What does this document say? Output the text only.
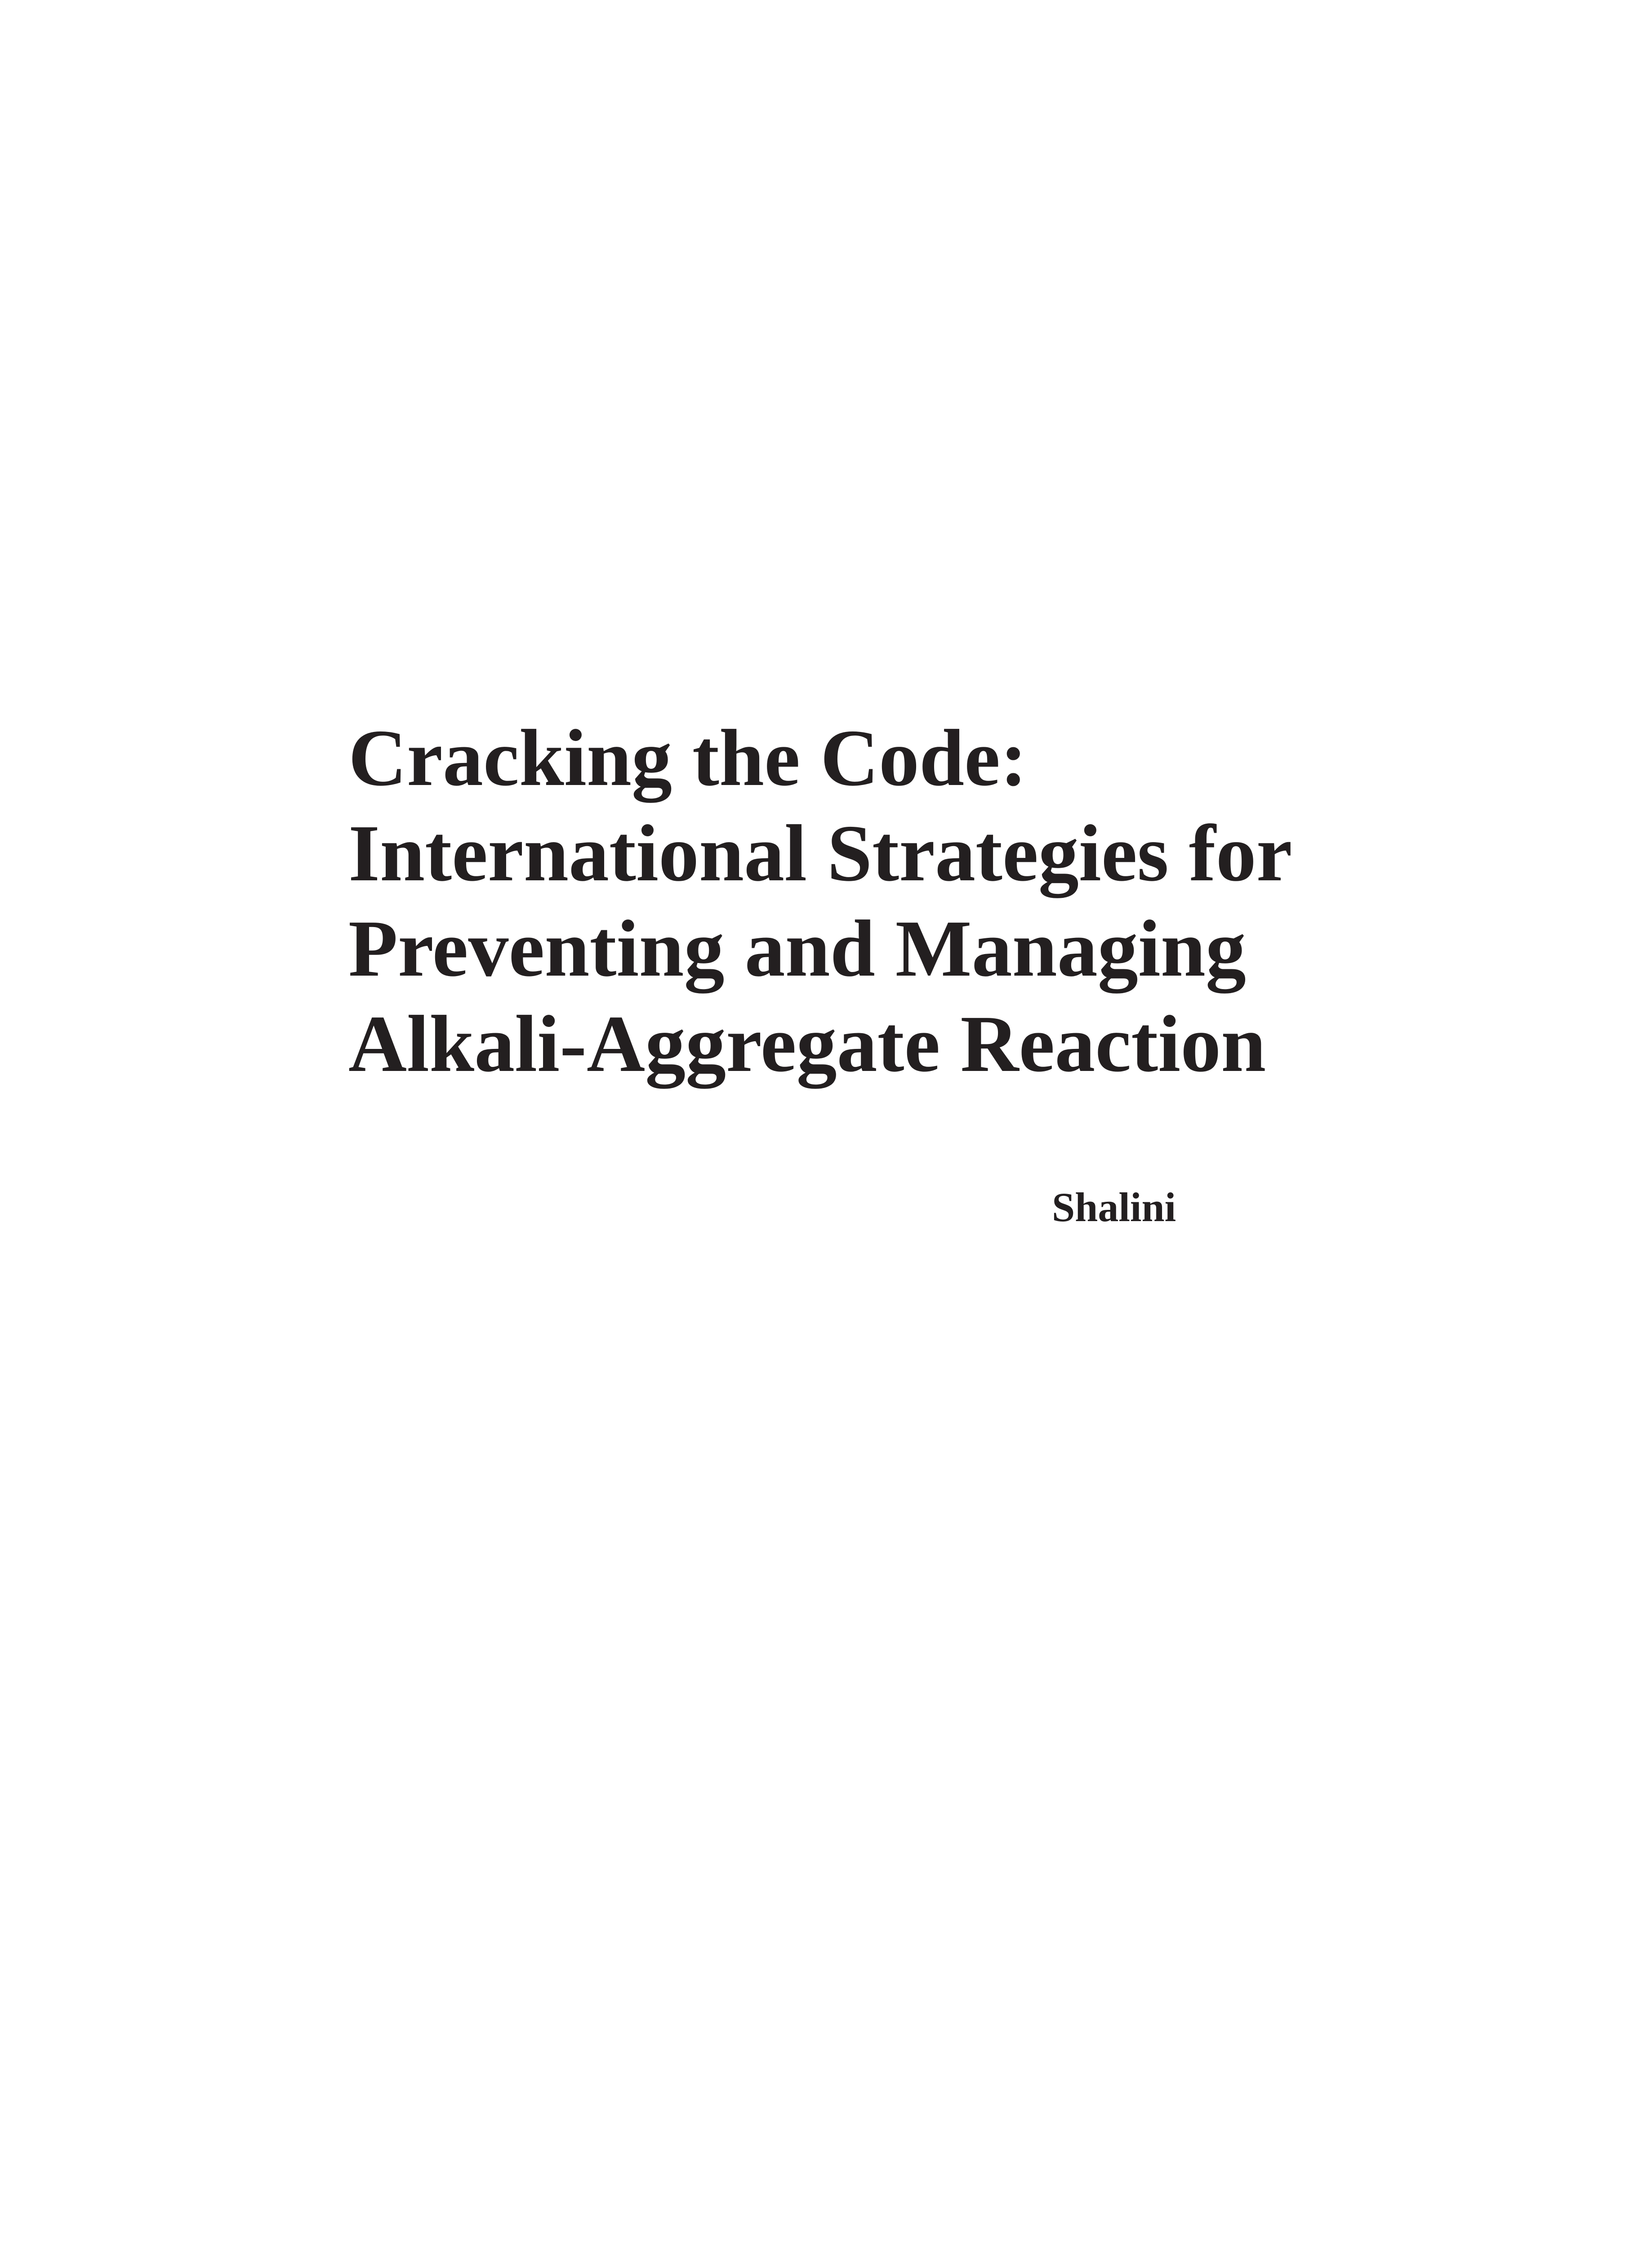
Cracking the Code:
International Strategies for
Preventing and Managing
Alkali-Aggregate Reaction
Shalini
